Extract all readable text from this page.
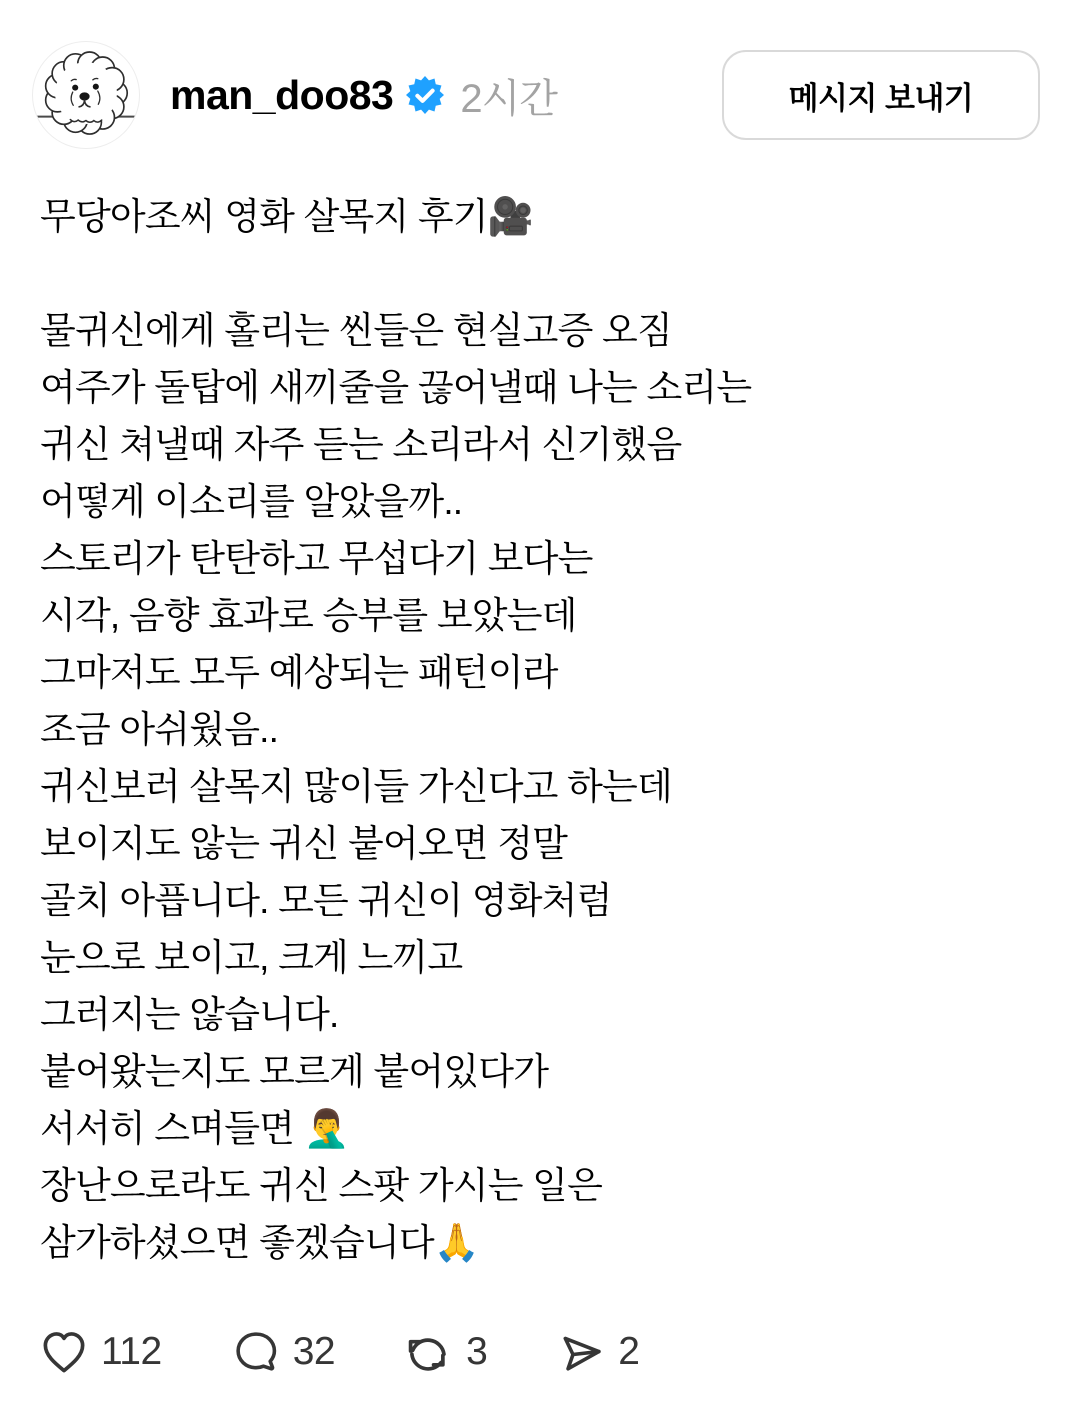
man_doo83 2시간	메시지 보내기
무당아조씨 영화 살목지 후기🎥

물귀신에게 홀리는 씬들은 현실고증 오짐
여주가 돌탑에 새끼줄을 끊어낼때 나는 소리는
귀신 쳐낼때 자주 듣는 소리라서 신기했음
어떻게 이소리를 알았을까..
스토리가 탄탄하고 무섭다기 보다는
시각, 음향 효과로 승부를 보았는데
그마저도 모두 예상되는 패턴이라
조금 아쉬웠음..
귀신보러 살목지 많이들 가신다고 하는데
보이지도 않는 귀신 붙어오면 정말
골치 아픕니다. 모든 귀신이 영화처럼
눈으로 보이고, 크게 느끼고
그러지는 않습니다.
붙어왔는지도 모르게 붙어있다가
서서히 스며들면 🤦‍♂️
장난으로라도 귀신 스팟 가시는 일은
삼가하셨으면 좋겠습니다🙏
112	32	3	2
